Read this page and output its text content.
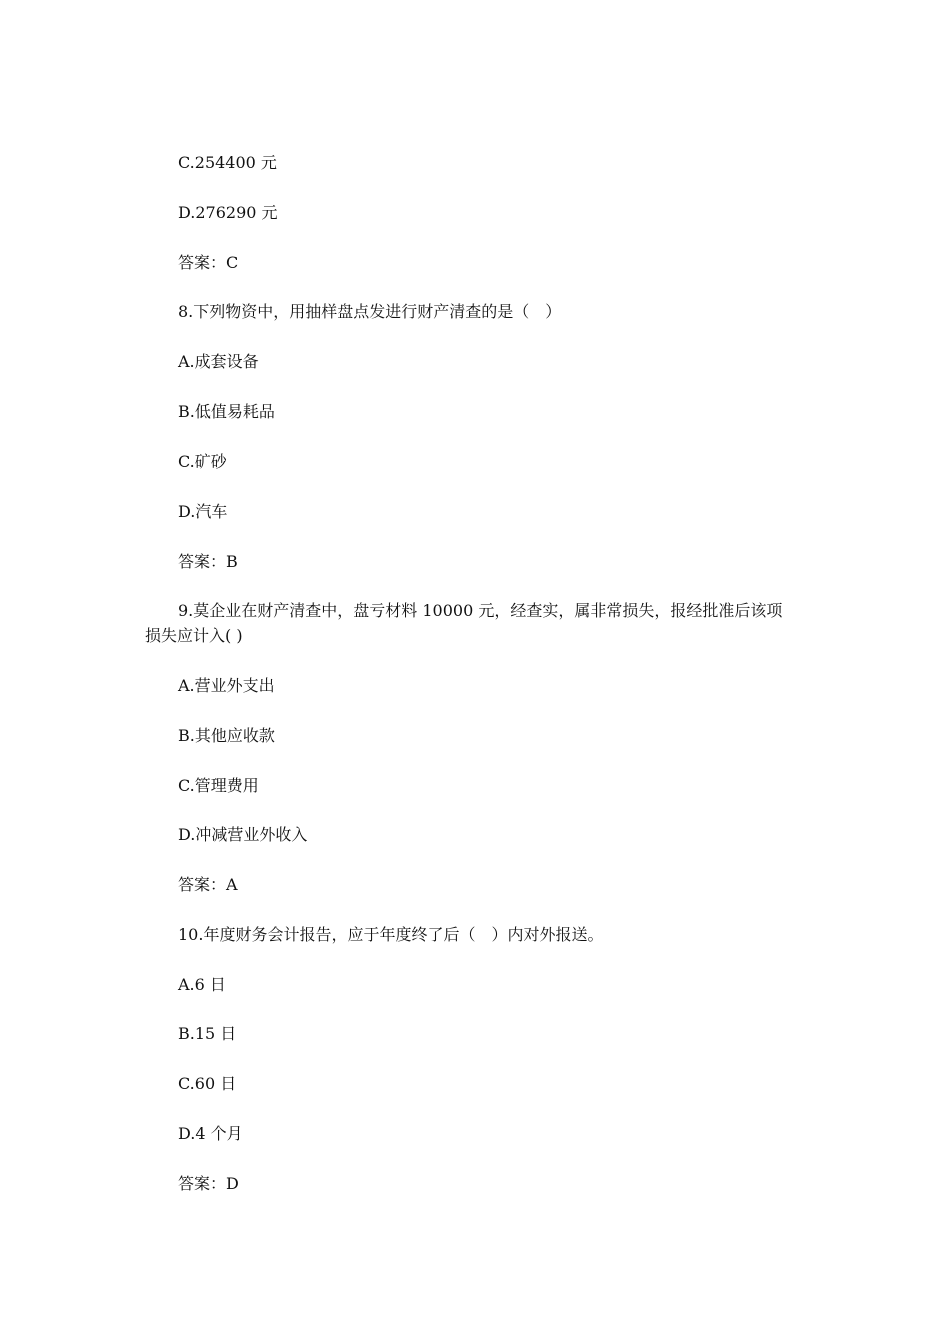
C.254400 元
D.276290 元
答案：C
8.下列物资中，用抽样盘点发进行财产清查的是（　）
A.成套设备
B.低值易耗品
C.矿砂
D.汽车
答案：B
9.莫企业在财产清查中，盘亏材料 10000 元，经查实，属非常损失，报经批准后该项
损失应计入( )
A.营业外支出
B.其他应收款
C.管理费用
D.冲减营业外收入
答案：A
10.年度财务会计报告，应于年度终了后（　）内对外报送。
A.6 日
B.15 日
C.60 日
D.4 个月
答案：D
